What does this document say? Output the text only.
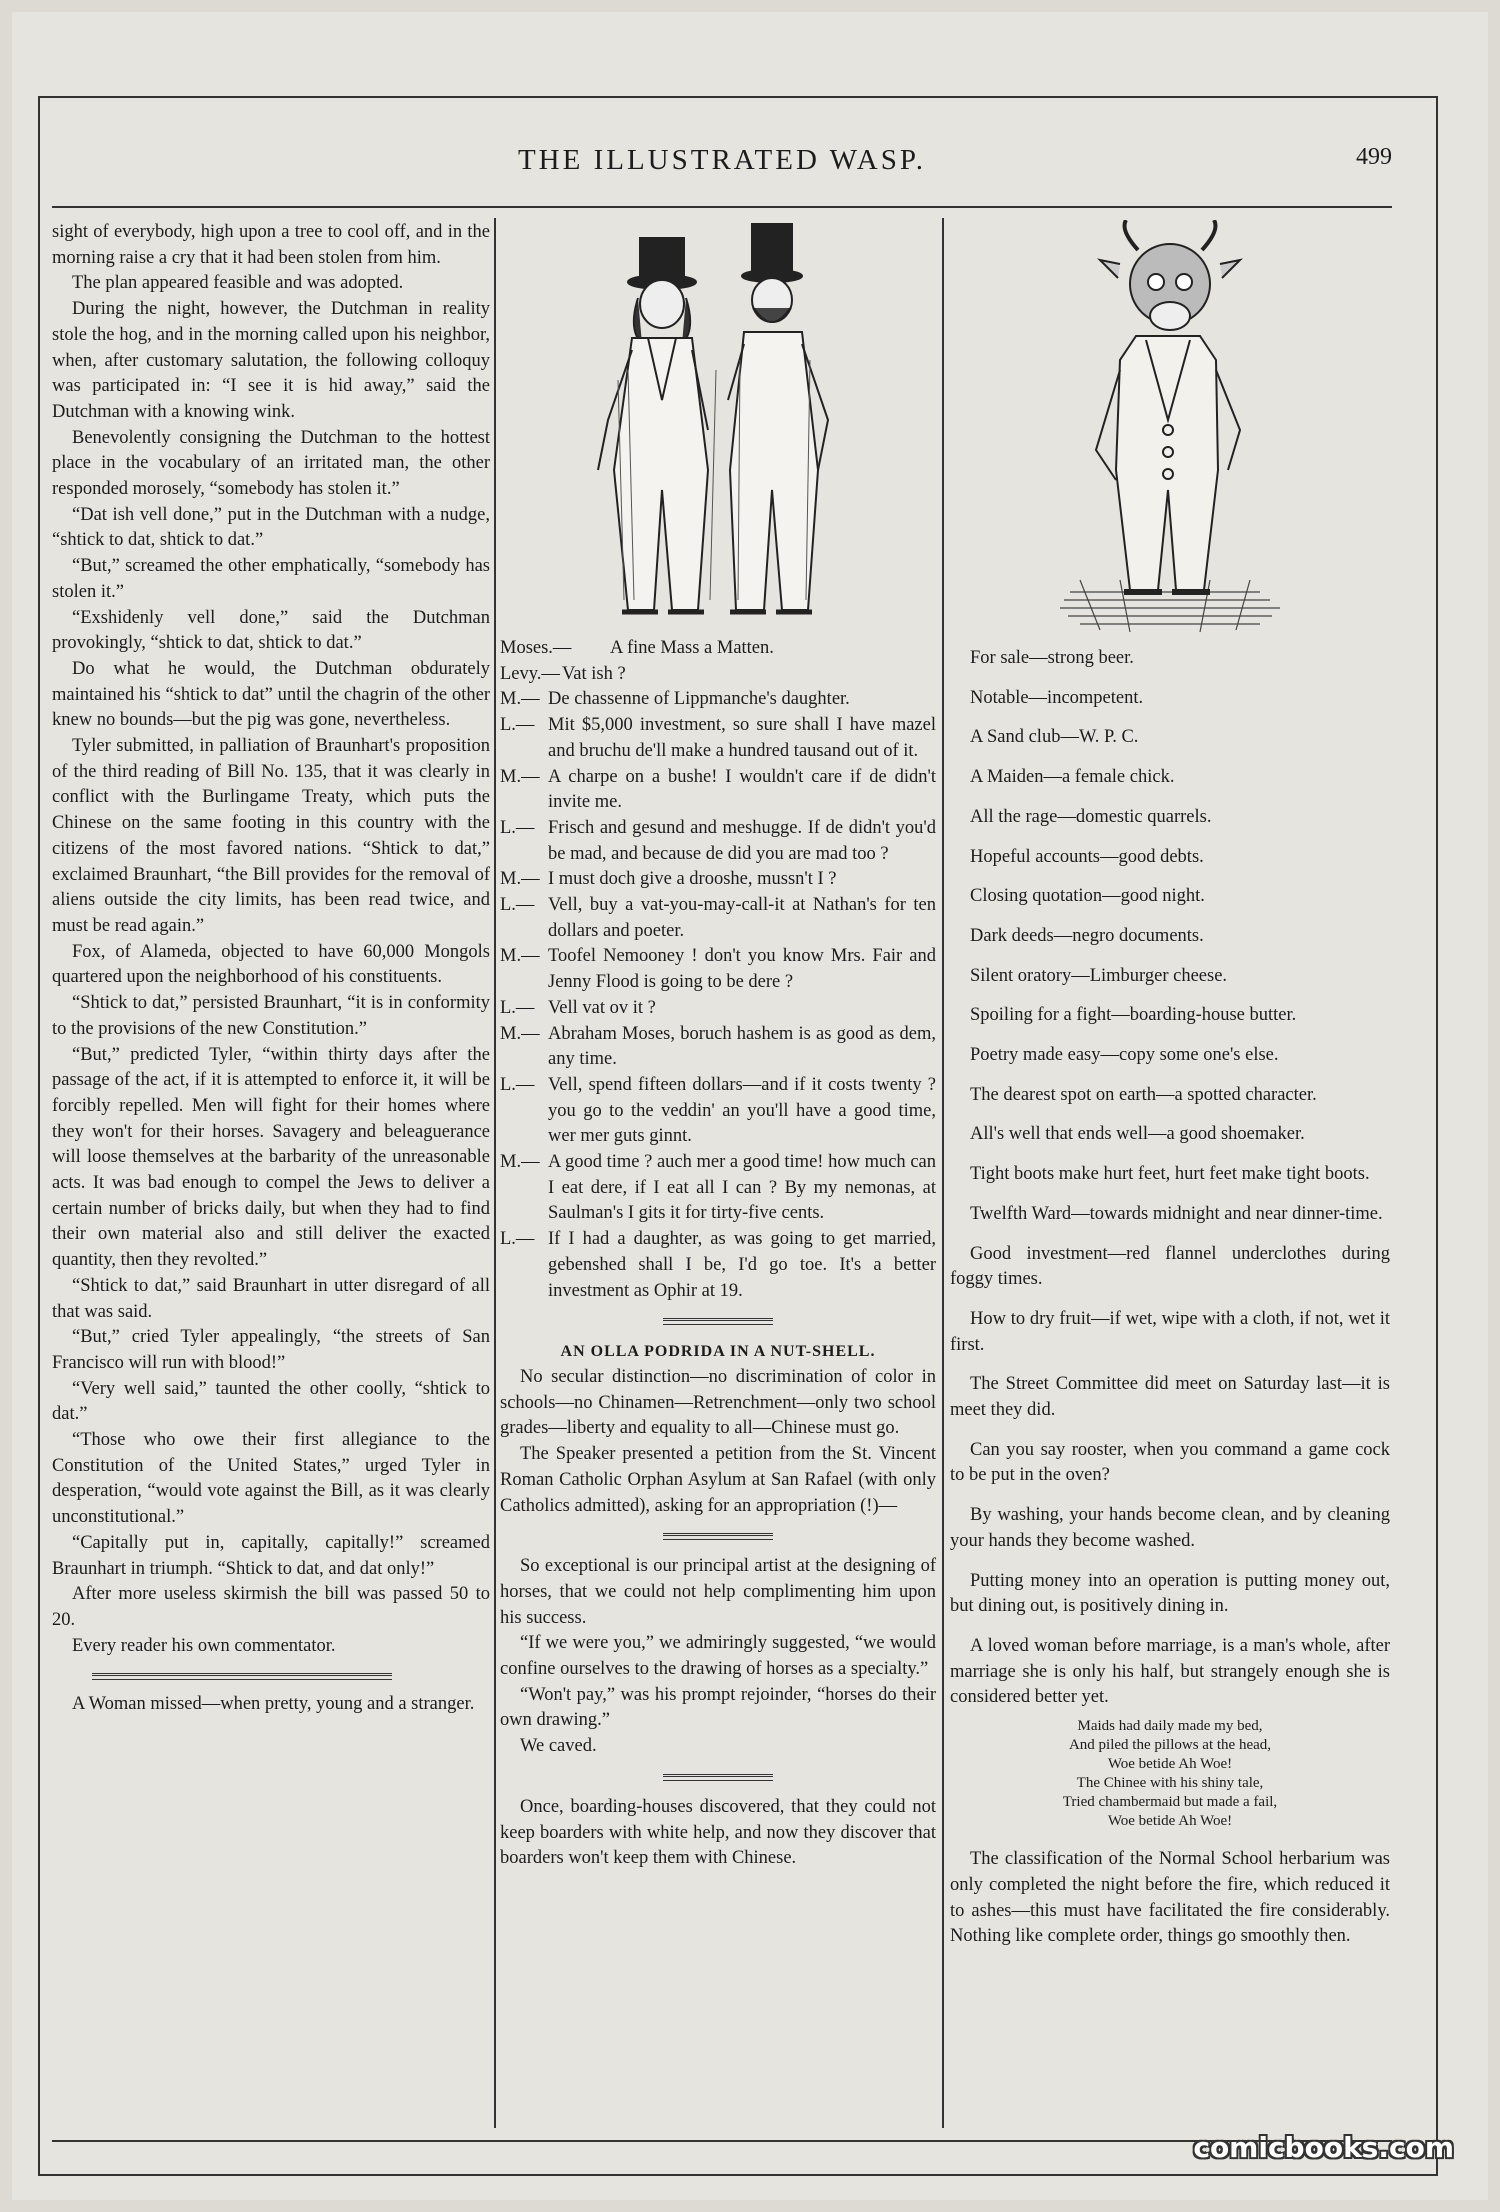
THE ILLUSTRATED WASP.	499

sight of everybody, high upon a tree to cool off, and in the morning raise a cry that it had been stolen from him.

The plan appeared feasible and was adopted.

During the night, however, the Dutchman in reality stole the hog, and in the morning called upon his neighbor, when, after customary salutation, the following colloquy was participated in: “I see it is hid away,” said the Dutchman with a knowing wink.

Benevolently consigning the Dutchman to the hottest place in the vocabulary of an irritated man, the other responded morosely, “somebody has stolen it.”

“Dat ish vell done,” put in the Dutchman with a nudge, “shtick to dat, shtick to dat.”

“But,” screamed the other emphatically, “somebody has stolen it.”

“Exshidenly vell done,” said the Dutchman provokingly, “shtick to dat, shtick to dat.”

Do what he would, the Dutchman obdurately maintained his “shtick to dat” until the chagrin of the other knew no bounds—but the pig was gone, nevertheless.

Tyler submitted, in palliation of Braunhart's proposition of the third reading of Bill No. 135, that it was clearly in conflict with the Burlingame Treaty, which puts the Chinese on the same footing in this country with the citizens of the most favored nations. “Shtick to dat,” exclaimed Braunhart, “the Bill provides for the removal of aliens outside the city limits, has been read twice, and must be read again.”

Fox, of Alameda, objected to have 60,000 Mongols quartered upon the neighborhood of his constituents.

“Shtick to dat,” persisted Braunhart, “it is in conformity to the provisions of the new Constitution.”

“But,” predicted Tyler, “within thirty days after the passage of the act, if it is attempted to enforce it, it will be forcibly repelled. Men will fight for their homes where they won't for their horses. Savagery and beleaguerance will loose themselves at the barbarity of the unreasonable acts. It was bad enough to compel the Jews to deliver a certain number of bricks daily, but when they had to find their own material also and still deliver the exacted quantity, then they revolted.”

“Shtick to dat,” said Braunhart in utter disregard of all that was said.

“But,” cried Tyler appealingly, “the streets of San Francisco will run with blood!”

“Very well said,” taunted the other coolly, “shtick to dat.”

“Those who owe their first allegiance to the Constitution of the United States,” urged Tyler in desperation, “would vote against the Bill, as it was clearly unconstitutional.”

“Capitally put in, capitally, capitally!” screamed Braunhart in triumph. “Shtick to dat, and dat only!”

After more useless skirmish the bill was passed 50 to 20.

Every reader his own commentator.

A Woman missed—when pretty, young and a stranger.

Moses.— A fine Mass a Matten.

Levy.— Vat ish ?

M.— De chassenne of Lippmanche's daughter.

L.— Mit $5,000 investment, so sure shall I have mazel and bruchu de'll make a hundred tausand out of it.

M.— A charpe on a bushe! I wouldn't care if de didn't invite me.

L.— Frisch and gesund and meshugge. If de didn't you'd be mad, and because de did you are mad too ?

M.— I must doch give a drooshe, mussn't I ?

L.— Vell, buy a vat-you-may-call-it at Nathan's for ten dollars and poeter.

M.— Toofel Nemooney ! don't you know Mrs. Fair and Jenny Flood is going to be dere ?

L.— Vell vat ov it ?

M.— Abraham Moses, boruch hashem is as good as dem, any time.

L.— Vell, spend fifteen dollars—and if it costs twenty ? you go to the veddin' an you'll have a good time, wer mer guts ginnt.

M.— A good time ? auch mer a good time! how much can I eat dere, if I eat all I can ? By my nemonas, at Saulman's I gits it for tirty-five cents.

L.— If I had a daughter, as was going to get married, gebenshed shall I be, I'd go toe. It's a better investment as Ophir at 19.

AN OLLA PODRIDA IN A NUT-SHELL.

No secular distinction—no discrimination of color in schools—no Chinamen—Retrenchment—only two school grades—liberty and equality to all—Chinese must go.

The Speaker presented a petition from the St. Vincent Roman Catholic Orphan Asylum at San Rafael (with only Catholics admitted), asking for an appropriation (!)—

So exceptional is our principal artist at the designing of horses, that we could not help complimenting him upon his success.

“If we were you,” we admiringly suggested, “we would confine ourselves to the drawing of horses as a specialty.”

“Won't pay,” was his prompt rejoinder, “horses do their own drawing.”

We caved.

Once, boarding-houses discovered, that they could not keep boarders with white help, and now they discover that boarders won't keep them with Chinese.

For sale—strong beer.

Notable—incompetent.

A Sand club—W. P. C.

A Maiden—a female chick.

All the rage—domestic quarrels.

Hopeful accounts—good debts.

Closing quotation—good night.

Dark deeds—negro documents.

Silent oratory—Limburger cheese.

Spoiling for a fight—boarding-house butter.

Poetry made easy—copy some one's else.

The dearest spot on earth—a spotted character.

All's well that ends well—a good shoemaker.

Tight boots make hurt feet, hurt feet make tight boots.

Twelfth Ward—towards midnight and near dinner-time.

Good investment—red flannel underclothes during foggy times.

How to dry fruit—if wet, wipe with a cloth, if not, wet it first.

The Street Committee did meet on Saturday last—it is meet they did.

Can you say rooster, when you command a game cock to be put in the oven?

By washing, your hands become clean, and by cleaning your hands they become washed.

Putting money into an operation is putting money out, but dining out, is positively dining in.

A loved woman before marriage, is a man's whole, after marriage she is only his half, but strangely enough she is considered better yet.

Maids had daily made my bed,
And piled the pillows at the head,
Woe betide Ah Woe!
The Chinee with his shiny tale,
Tried chambermaid but made a fail,
Woe betide Ah Woe!

The classification of the Normal School herbarium was only completed the night before the fire, which reduced it to ashes—this must have facilitated the fire considerably. Nothing like complete order, things go smoothly then.

comicbooks.com
